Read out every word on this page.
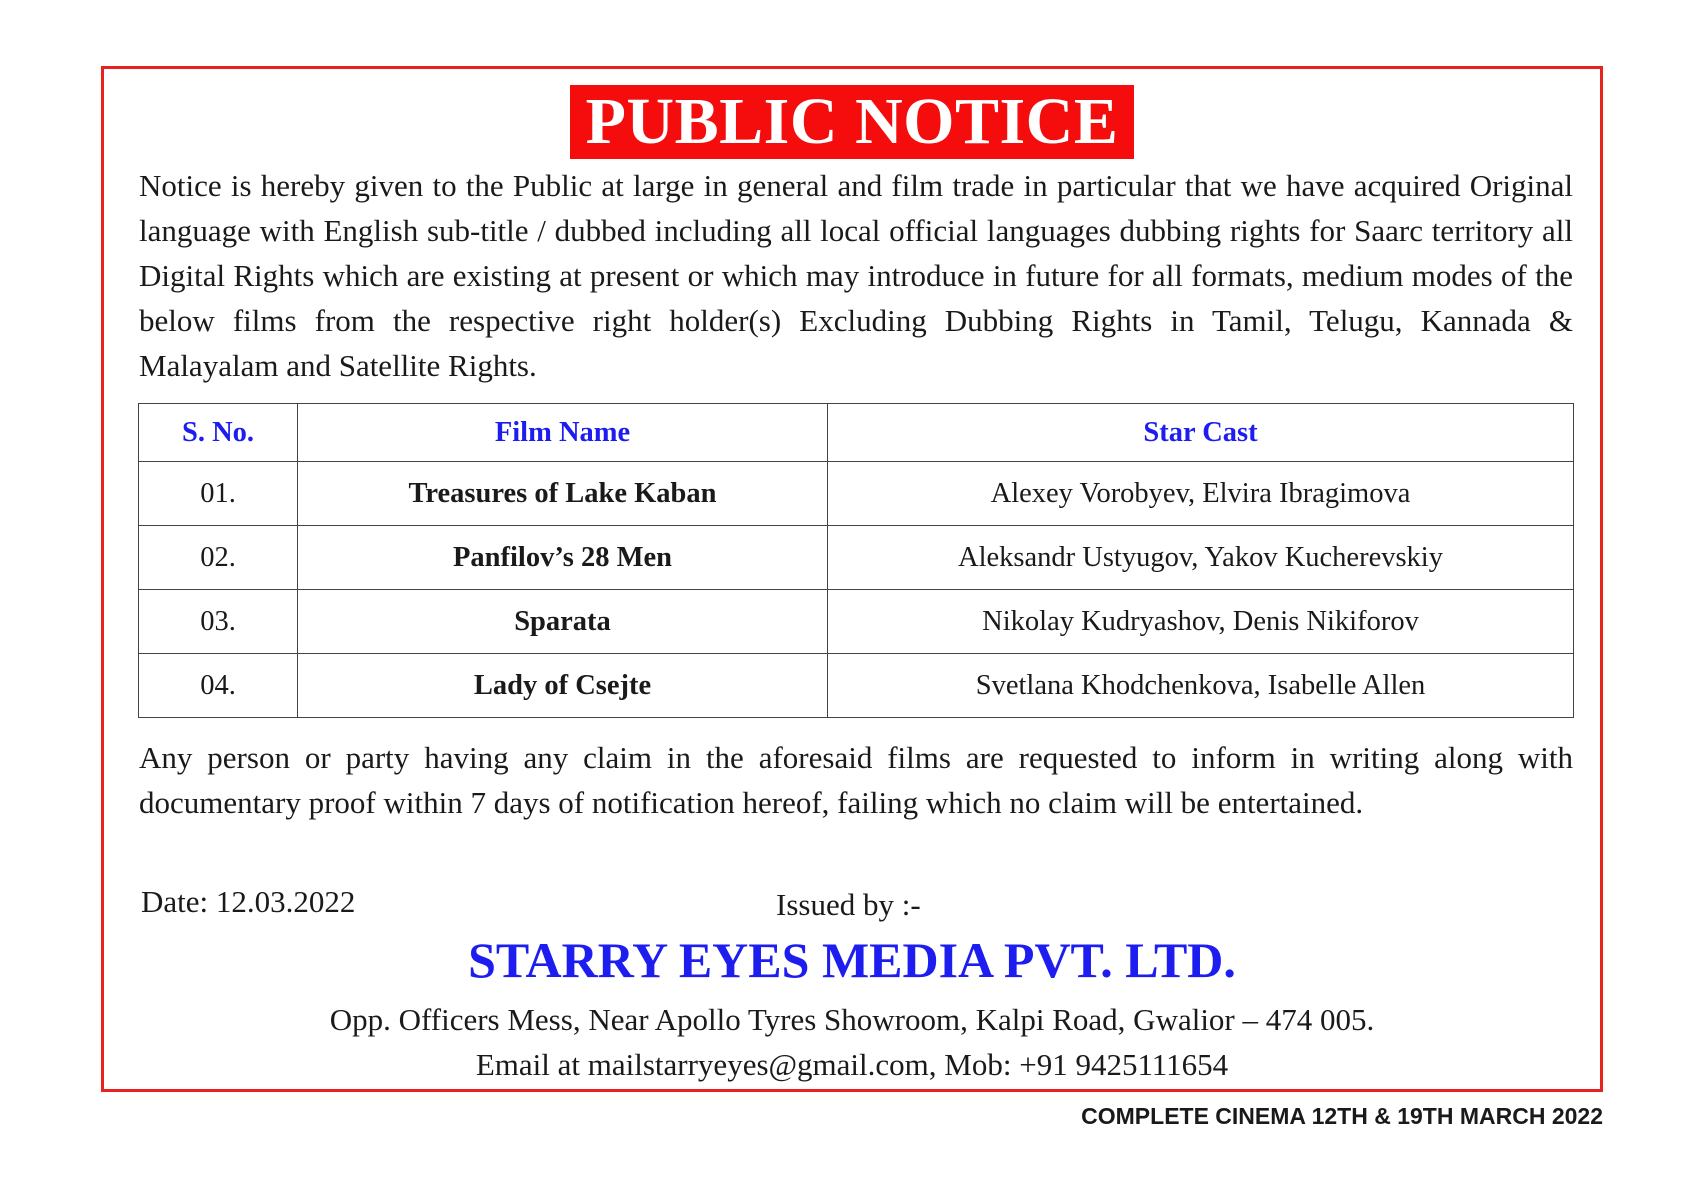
PUBLIC NOTICE

Notice is hereby given to the Public at large in general and film trade in particular that we have acquired Original language with English sub-title / dubbed including all local official languages dubbing rights for Saarc territory all Digital Rights which are existing at present or which may introduce in future for all formats, medium modes of the below films from the respective right holder(s) Excluding Dubbing Rights in Tamil, Telugu, Kannada & Malayalam and Satellite Rights.

S. No.	Film Name	Star Cast
01.	Treasures of Lake Kaban	Alexey Vorobyev, Elvira Ibragimova
02.	Panfilov’s 28 Men	Aleksandr Ustyugov, Yakov Kucherevskiy
03.	Sparata	Nikolay Kudryashov, Denis Nikiforov
04.	Lady of Csejte	Svetlana Khodchenkova, Isabelle Allen

Any person or party having any claim in the aforesaid films are requested to inform in writing along with documentary proof within 7 days of notification hereof, failing which no claim will be entertained.

Date: 12.03.2022	Issued by :-
STARRY EYES MEDIA PVT. LTD.
Opp. Officers Mess, Near Apollo Tyres Showroom, Kalpi Road, Gwalior – 474 005.
Email at mailstarryeyes@gmail.com, Mob: +91 9425111654
COMPLETE CINEMA 12TH & 19TH MARCH 2022
